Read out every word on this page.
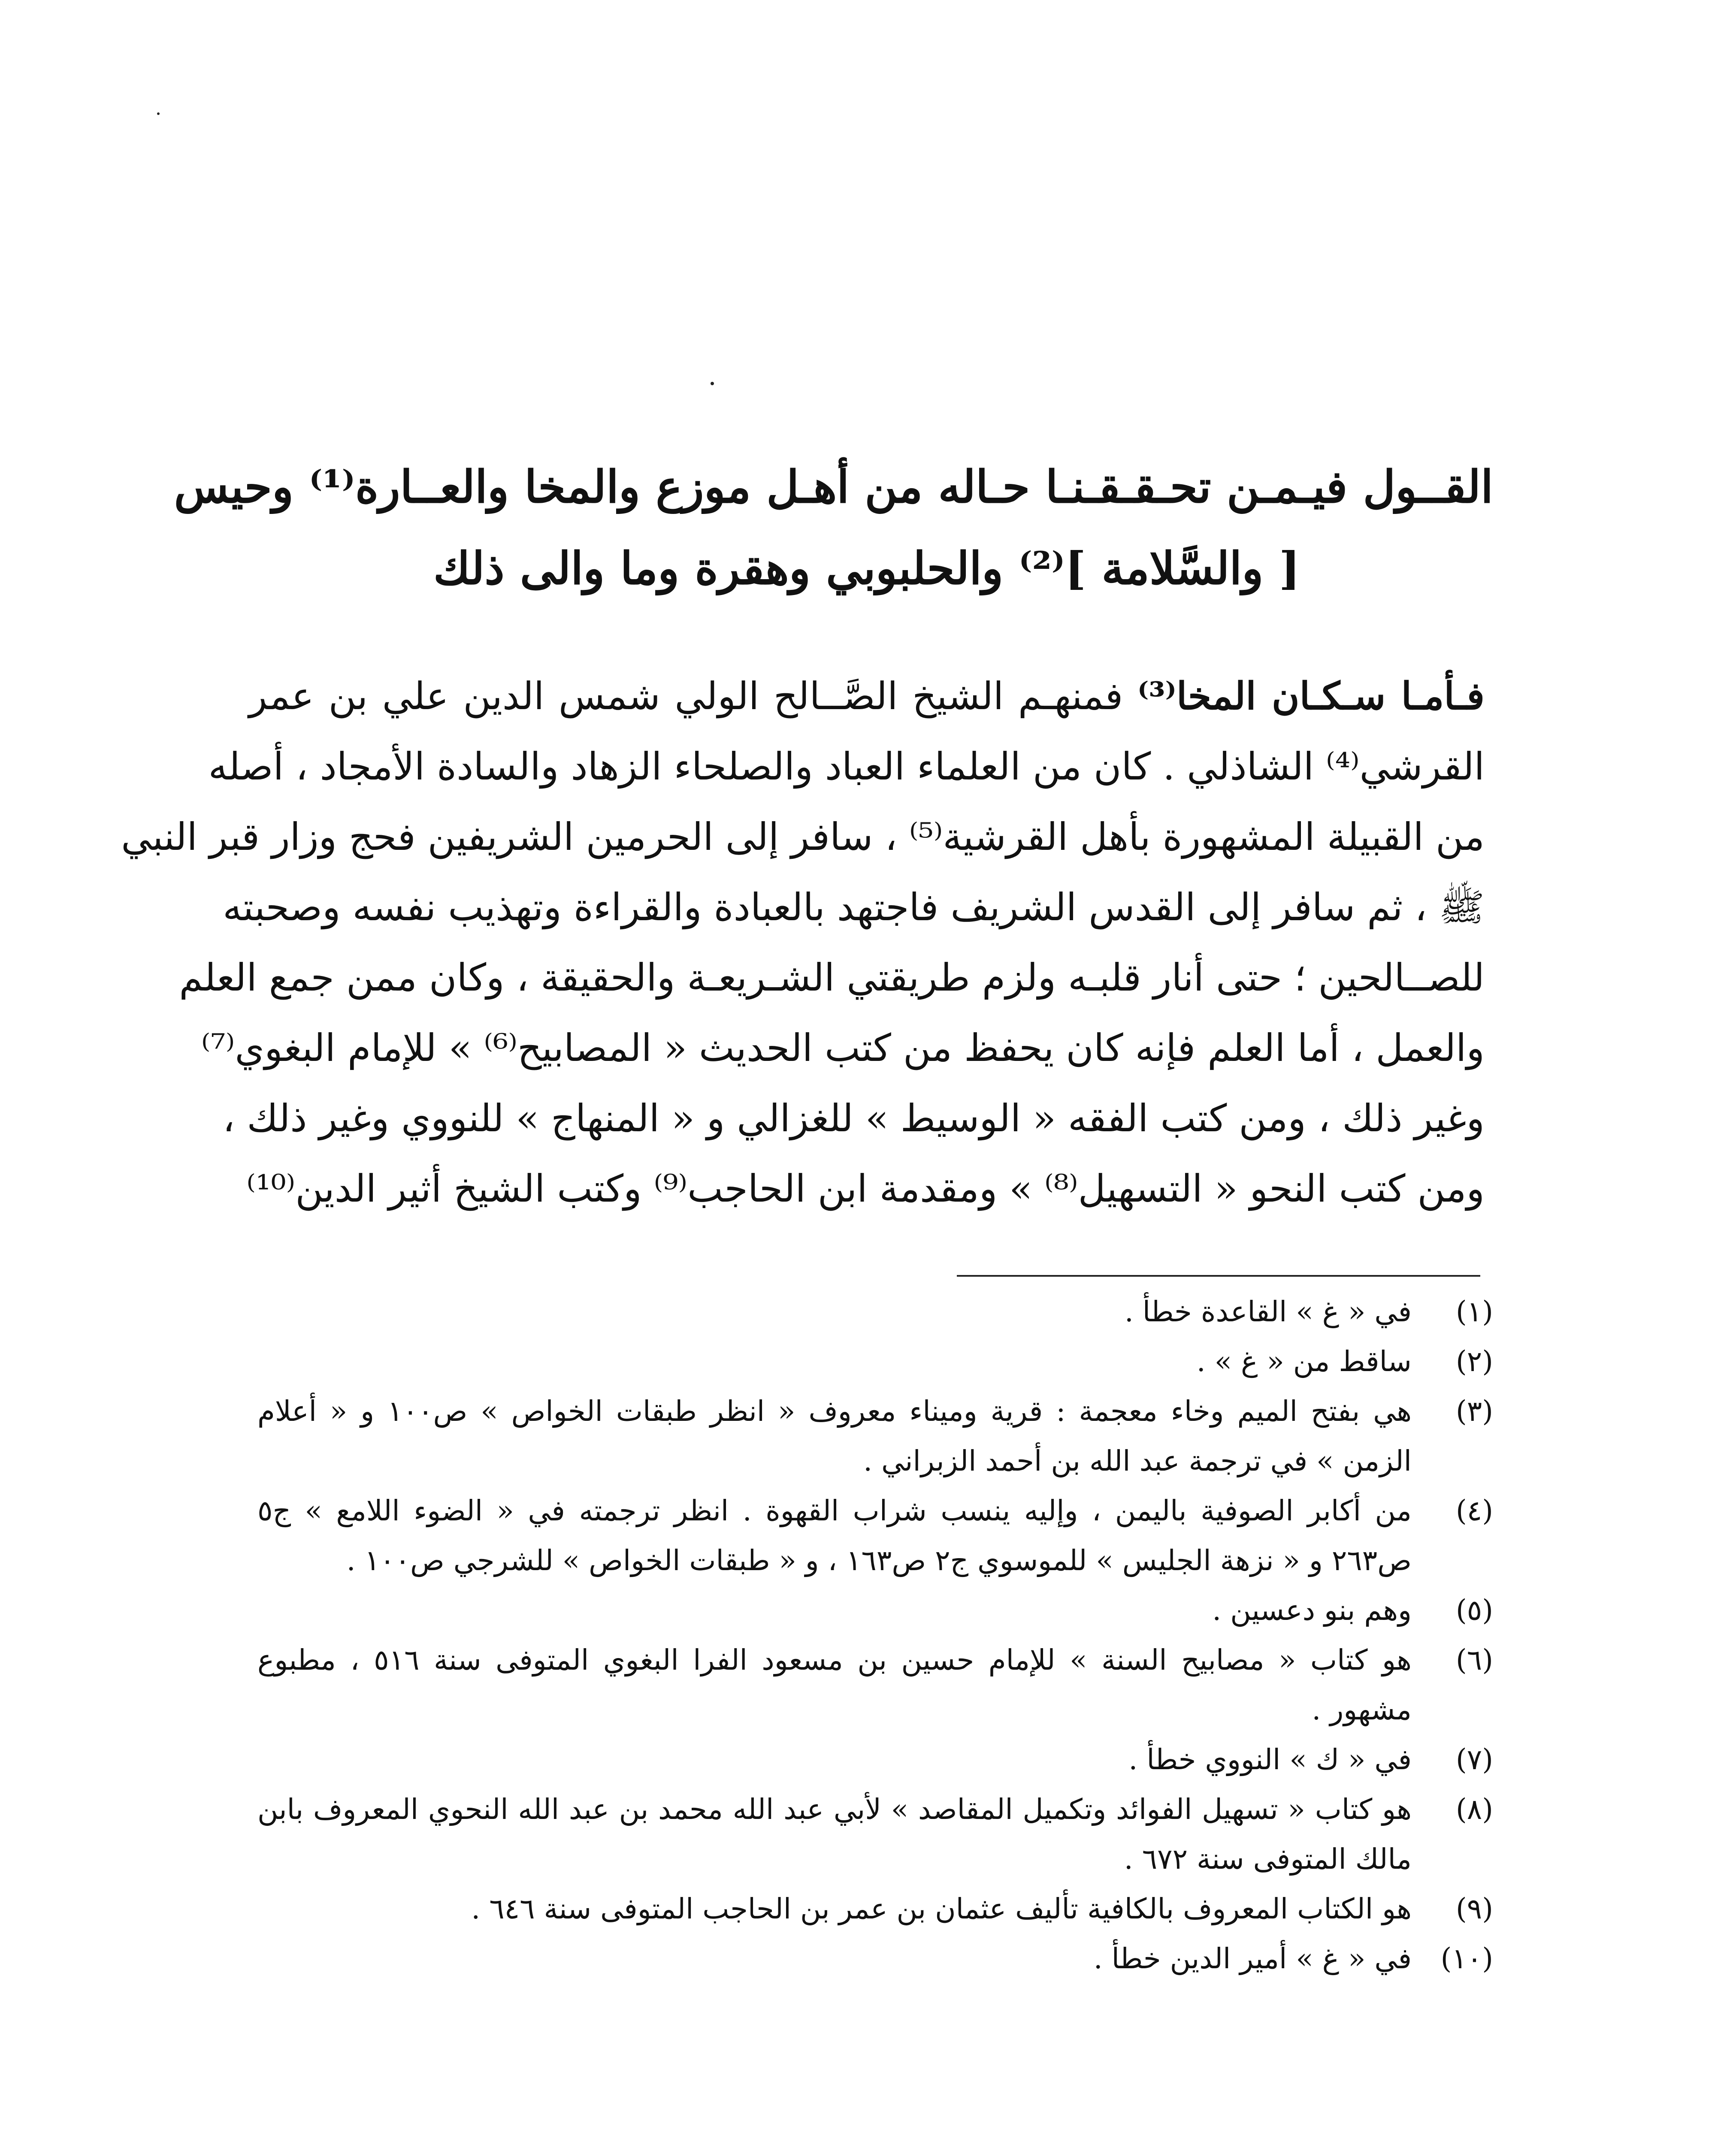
القــول فيـمـن تحـقـقـنـا حـاله من أهـل موزع والمخا والعــارة⁽¹⁾ وحيس
[ والسَّلامة ]⁽²⁾ والحلبوبي وهقرة وما والى ذلك
فـأمـا سـكـان المخا⁽³⁾ فمنهـم الشيخ الصَّــالح الولي شمس الدين علي بن عمر
القرشي⁽⁴⁾ الشاذلي . كان من العلماء العباد والصلحاء الزهاد والسادة الأمجاد ، أصله
من القبيلة المشهورة بأهل القرشية⁽⁵⁾ ، سافر إلى الحرمين الشريفين فحج وزار قبر النبي
ﷺ ، ثم سافر إلى القدس الشريف فاجتهد بالعبادة والقراءة وتهذيب نفسه وصحبته
للصــالحين ؛ حتى أنار قلبـه ولزم طريقتي الشـريعـة والحقيقة ، وكان ممن جمع العلم
والعمل ، أما العلم فإنه كان يحفظ من كتب الحديث « المصابيح⁽⁶⁾ » للإمام البغوي⁽⁷⁾
وغير ذلك ، ومن كتب الفقه « الوسيط » للغزالي و « المنهاج » للنووي وغير ذلك ،
ومن كتب النحو « التسهيل⁽⁸⁾ » ومقدمة ابن الحاجب⁽⁹⁾ وكتب الشيخ أثير الدين⁽¹⁰⁾
(١)
في « غ » القاعدة خطأ .
(٢)
ساقط من « غ » .
(٣)
هي بفتح الميم وخاء معجمة : قرية وميناء معروف « انظر طبقات الخواص » ص١٠٠ و « أعلام الزمن » في ترجمة عبد الله بن أحمد الزبراني .
(٤)
من أكابر الصوفية باليمن ، وإليه ينسب شراب القهوة . انظر ترجمته في « الضوء اللامع » ج٥ ص٢٦٣ و « نزهة الجليس » للموسوي ج٢ ص١٦٣ ، و « طبقات الخواص » للشرجي ص١٠٠ .
(٥)
وهم بنو دعسين .
(٦)
هو كتاب « مصابيح السنة » للإمام حسين بن مسعود الفرا البغوي المتوفى سنة ٥١٦ ، مطبوع مشهور .
(٧)
في « ك » النووي خطأ .
(٨)
هو كتاب « تسهيل الفوائد وتكميل المقاصد » لأبي عبد الله محمد بن عبد الله النحوي المعروف بابن مالك المتوفى سنة ٦٧٢ .
(٩)
هو الكتاب المعروف بالكافية تأليف عثمان بن عمر بن الحاجب المتوفى سنة ٦٤٦ .
(١٠)
في « غ » أمير الدين خطأ .
